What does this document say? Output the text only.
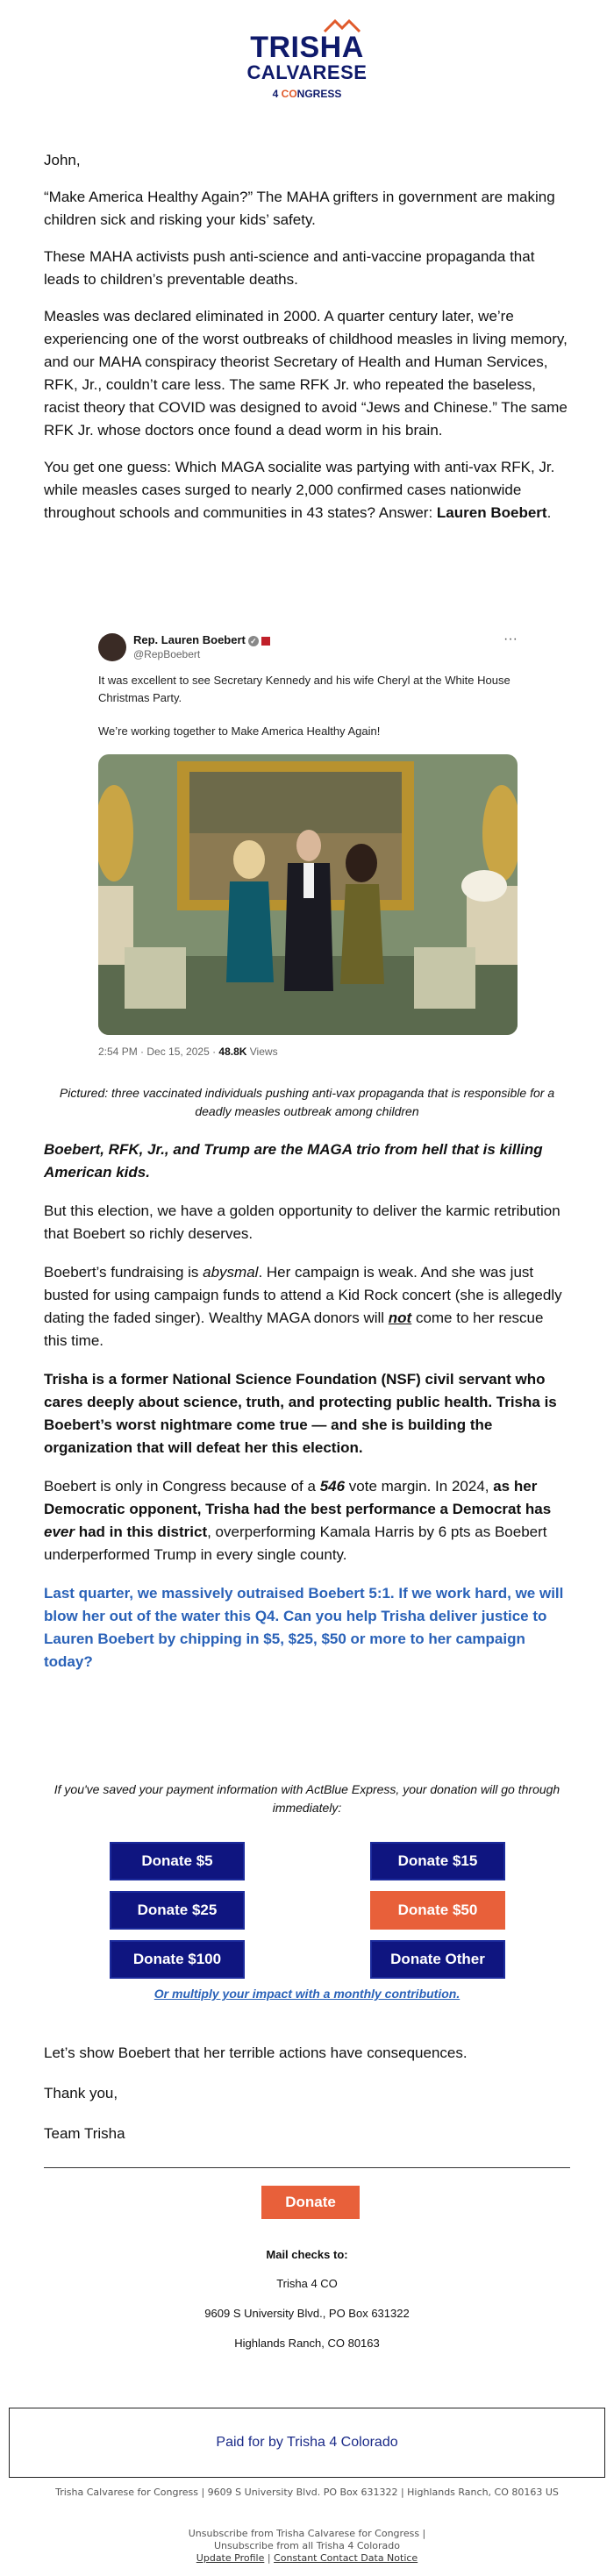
TRISHA
CALVARESE
4 CONGRESS

John,

“Make America Healthy Again?” The MAHA grifters in government are making children sick and risking your kids’ safety.

These MAHA activists push anti-science and anti-vaccine propaganda that leads to children’s preventable deaths.

Measles was declared eliminated in 2000. A quarter century later, we’re experiencing one of the worst outbreaks of childhood measles in living memory, and our MAHA conspiracy theorist Secretary of Health and Human Services, RFK, Jr., couldn’t care less. The same RFK Jr. who repeated the baseless, racist theory that COVID was designed to avoid “Jews and Chinese.” The same RFK Jr. whose doctors once found a dead worm in his brain.

You get one guess: Which MAGA socialite was partying with anti-vax RFK, Jr. while measles cases surged to nearly 2,000 confirmed cases nationwide throughout schools and communities in 43 states? Answer: Lauren Boebert.

Rep. Lauren Boebert ✓
@RepBoebert
···

It was excellent to see Secretary Kennedy and his wife Cheryl at the White House Christmas Party.

We’re working together to Make America Healthy Again!

2:54 PM · Dec 15, 2025 · 48.8K Views
Pictured: three vaccinated individuals pushing anti-vax propaganda that is responsible for a deadly measles outbreak among children

Boebert, RFK, Jr., and Trump are the MAGA trio from hell that is killing American kids.

But this election, we have a golden opportunity to deliver the karmic retribution that Boebert so richly deserves.

Boebert’s fundraising is abysmal. Her campaign is weak. And she was just busted for using campaign funds to attend a Kid Rock concert (she is allegedly dating the faded singer). Wealthy MAGA donors will not come to her rescue this time.

Trisha is a former National Science Foundation (NSF) civil servant who cares deeply about science, truth, and protecting public health. Trisha is Boebert’s worst nightmare come true — and she is building the organization that will defeat her this election.

Boebert is only in Congress because of a 546 vote margin. In 2024, as her Democratic opponent, Trisha had the best performance a Democrat has ever had in this district, overperforming Kamala Harris by 6 pts as Boebert underperformed Trump in every single county.

Last quarter, we massively outraised Boebert 5:1. If we work hard, we will blow her out of the water this Q4. Can you help Trisha deliver justice to Lauren Boebert by chipping in $5, $25, $50 or more to her campaign today?

If you've saved your payment information with ActBlue Express, your donation will go through immediately:
Donate $5	Donate $15
Donate $25	Donate $50
Donate $100	Donate Other
Or multiply your impact with a monthly contribution.

Let’s show Boebert that her terrible actions have consequences.

Thank you,

Team Trisha

Donate
Mail checks to:
Trisha 4 CO
9609 S University Blvd., PO Box 631322
Highlands Ranch, CO 80163
Paid for by Trisha 4 Colorado
Trisha Calvarese for Congress | 9609 S University Blvd. PO Box 631322 | Highlands Ranch, CO 80163 US
Unsubscribe from Trisha Calvarese for Congress |
Unsubscribe from all Trisha 4 Colorado
Update Profile | Constant Contact Data Notice
